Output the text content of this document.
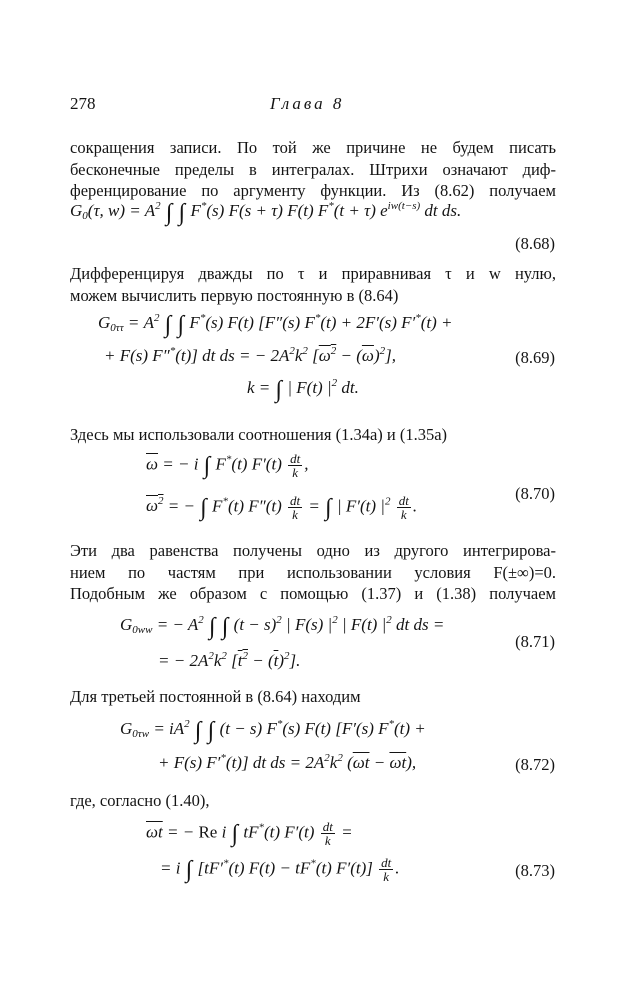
278	Глава 8
сокращения записи. По той же причине не будем писать
бесконечные пределы в интегралах. Штрихи означают диф-
ференцирование по аргументу функции. Из (8.62) получаем
$G_0(\tau$, $w) = A^2$ ∫ ∫ F*(s) F(s + τ) F(t) F*(t + τ) $e^{iw(t-s)}$ dt ds.
(8.68)
Дифференцируя дважды по τ и приравнивая τ и w нулю,
можем вычислить первую постоянную в (8.64)
$G_{0\tau\tau} = A^2$ ∫ ∫ F*(s) F(t) [F″(s) F*(t) + 2F′(s) F′*(t) +
+ F(s) F″*(t)] dt ds = − $2A^2k^2$ $[\omega^2 - (\overline{\omega})^2]$,	(8.69)
k = ∫ | F(t) $|^2$ dt.
Здесь мы использовали соотношения (1.34а) и (1.35а)
$\overline{\omega}$ = − i ∫ F*(t) $F'(t) \frac{dt}{k}$ ,
$\omega^2$ = − ∫ F*(t) $F''(t) \frac{dt}{k}$ = ∫ | F′(t) $|^2 \frac{dt}{k}$ .
(8.70)
Эти два равенства получены одно из другого интегрирова-
нием по частям при использовании условия F(±∞)=0.
Подобным же образом с помощью (1.37) и (1.38) получаем
$G_{0ww}$ = − $A^2$ ∫ ∫ $(t - s)^2$ | F(s) $|^2$ | F(t) $|^2$ dt ds =
(8.71)
= − $2A^2k^2$ $[t^2 - (\overline{t})^2]$.
Для третьей постоянной в (8.64) находим
$G_{0\tau w} = iA^2$ ∫ ∫ (t − s) F*(s) F(t) [F′(s) F*(t) +
+ F(s) F′*(t)] dt ds = $2A^2k^2$ $(\overline{\omega t} - \overline{\omega}\overline{t})$,	(8.72)
где, согласно (1.40),
$\overline{\omega t}$ = − Re i ∫ tF*(t) $F'(t) \frac{dt}{k}$ =
= i ∫ [tF′*(t) F(t) − tF*(t) $F'(t)] \frac{dt}{k}$ .	(8.73)
